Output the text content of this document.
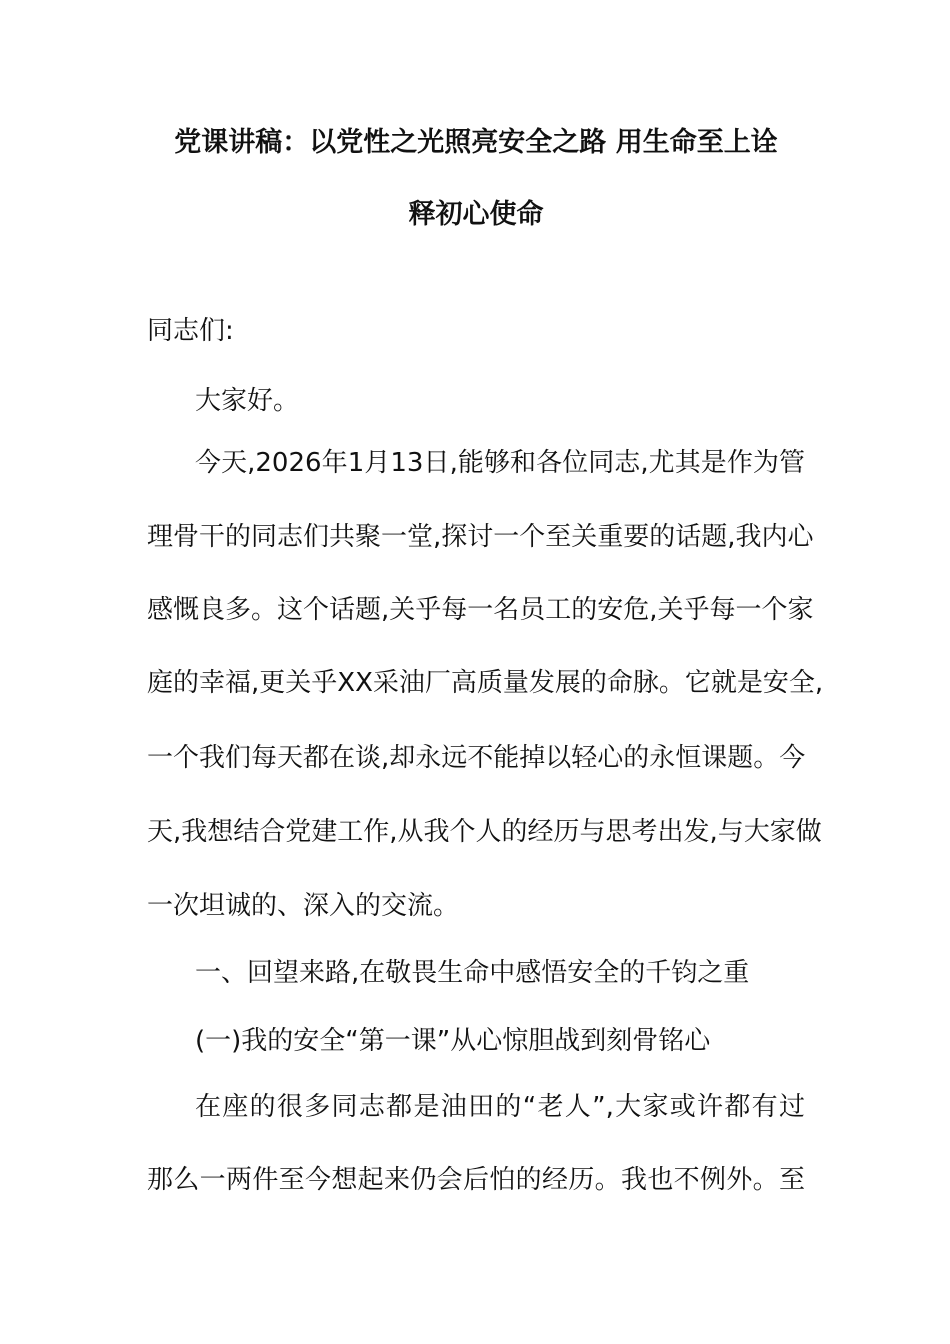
党课讲稿：以党性之光照亮安全之路 用生命至上诠
释初心使命
同志们:
大家好。
今天,2026年1月13日,能够和各位同志,尤其是作为管
理骨干的同志们共聚一堂,探讨一个至关重要的话题,我内心
感慨良多。这个话题,关乎每一名员工的安危,关乎每一个家
庭的幸福,更关乎XX采油厂高质量发展的命脉。它就是安全,
一个我们每天都在谈,却永远不能掉以轻心的永恒课题。今
天,我想结合党建工作,从我个人的经历与思考出发,与大家做
一次坦诚的、深入的交流。
一、回望来路,在敬畏生命中感悟安全的千钧之重
(一)我的安全“第一课”从心惊胆战到刻骨铭心
在座的很多同志都是油田的“老人”,大家或许都有过
那么一两件至今想起来仍会后怕的经历。我也不例外。至
